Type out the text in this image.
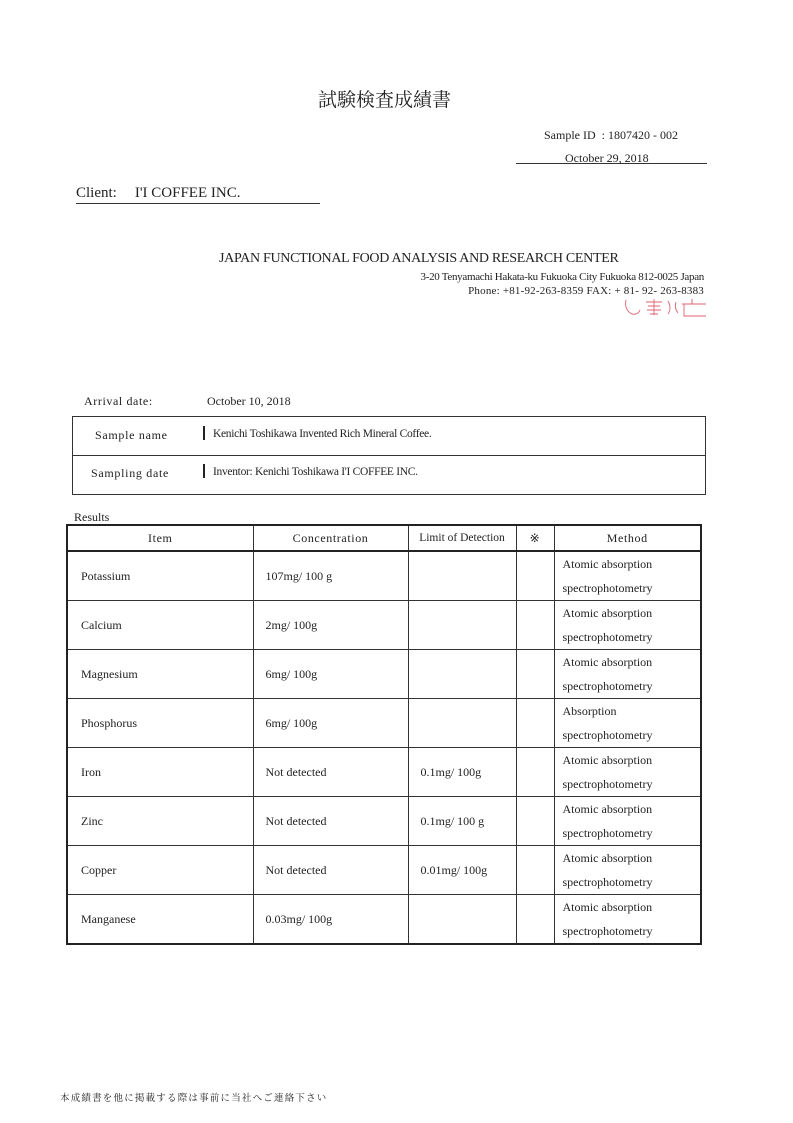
試験検査成績書
Sample ID  : 1807420 - 002
October 29, 2018
Client: I'I COFFEE INC.
JAPAN FUNCTIONAL FOOD ANALYSIS AND RESEARCH CENTER
3-20 Tenyamachi Hakata-ku Fukuoka City Fukuoka 812-0025 Japan
Phone: +81-92-263-8359 FAX: + 81- 92- 263-8383
Arrival date:	October 10, 2018
Sample name	Kenichi Toshikawa Invented Rich Mineral Coffee.
Sampling date	Inventor: Kenichi Toshikawa I'I COFFEE INC.
Results
Item	Concentration	Limit of Detection	※	Method
Potassium	107mg/ 100 g			Atomic absorption
spectrophotometry

Calcium	2mg/ 100g			Atomic absorption
spectrophotometry

Magnesium	6mg/ 100g			Atomic absorption
spectrophotometry

Phosphorus	6mg/ 100g			Absorption
spectrophotometry

Iron	Not detected	0.1mg/ 100g		Atomic absorption
spectrophotometry

Zinc	Not detected	0.1mg/ 100 g		Atomic absorption
spectrophotometry

Copper	Not detected	0.01mg/ 100g		Atomic absorption
spectrophotometry

Manganese	0.03mg/ 100g			Atomic absorption
spectrophotometry
本成績書を他に掲載する際は事前に当社へご連絡下さい
